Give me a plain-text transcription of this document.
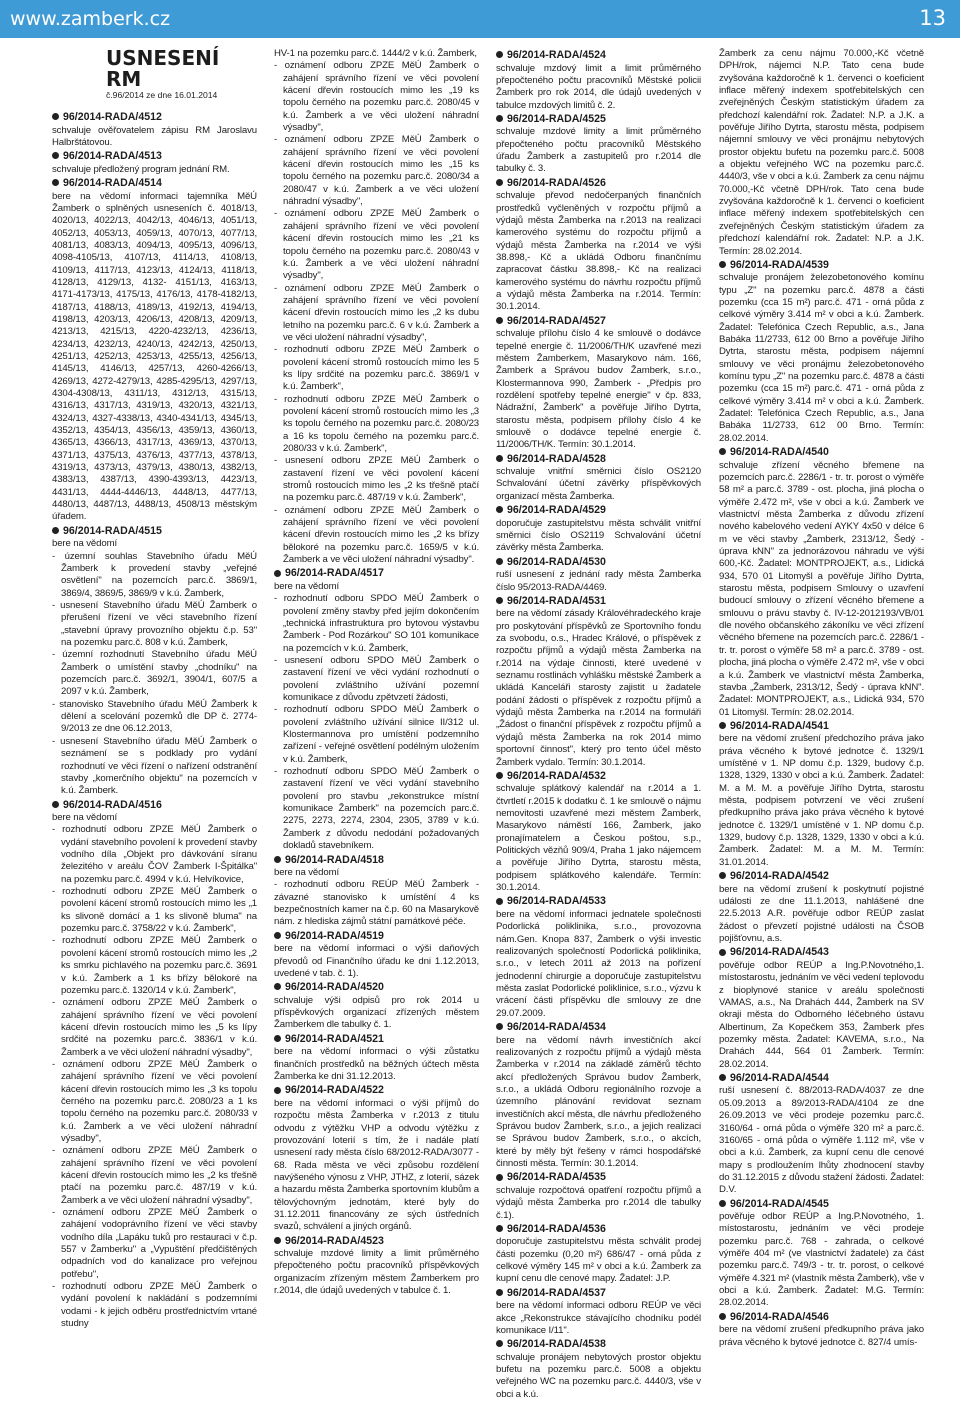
www.zamberk.cz	13
USNESENÍ RM
č.96/2014 ze dne 16.01.2014
96/2014-RADA/4512
schvaluje ověřovatelem zápisu RM Jaroslavu Halbrštátovou.
96/2014-RADA/4513
schvaluje předložený program jednání RM.
96/2014-RADA/4514
bere na vědomí informaci tajemníka MěÚ Žamberk o splněných usneseních č. 4018/13, 4020/13, 4022/13, 4042/13, 4046/13, 4051/13, 4052/13, 4053/13, 4059/13, 4070/13, 4077/13, 4081/13, 4083/13, 4094/13, 4095/13, 4096/13, 4098-4105/13, 4107/13, 4114/13, 4108/13, 4109/13, 4117/13, 4123/13, 4124/13, 4118/13, 4128/13, 4129/13, 4132- 4151/13, 4163/13, 4171-4173/13, 4175/13, 4176/13, 4178-4182/13, 4187/13, 4188/13, 4189/13, 4192/13, 4194/13, 4198/13, 4203/13, 4206/13, 4208/13, 4209/13, 4213/13, 4215/13, 4220-4232/13, 4236/13, 4234/13, 4232/13, 4240/13, 4242/13, 4250/13, 4251/13, 4252/13, 4253/13, 4255/13, 4256/13, 4145/13, 4146/13, 4257/13, 4260-4266/13, 4269/13, 4272-4279/13, 4285-4295/13, 4297/13, 4304-4308/13, 4311/13, 4312/13, 4315/13, 4316/13, 4317/13, 4319/13, 4320/13, 4321/13, 4324/13, 4327-4338/13, 4340-4341/13, 4345/13, 4352/13, 4354/13, 4356/13, 4359/13, 4360/13, 4365/13, 4366/13, 4317/13, 4369/13, 4370/13, 4371/13, 4375/13, 4376/13, 4377/13, 4378/13, 4319/13, 4373/13, 4379/13, 4380/13, 4382/13, 4383/13, 4387/13, 4390-4393/13, 4423/13, 4431/13, 4444-4446/13, 4448/13, 4477/13, 4480/13, 4487/13, 4488/13, 4508/13 městským úřadem.
96/2014-RADA/4515
bere na vědomí
- územní souhlas Stavebního úřadu MěÚ Žamberk k provedení stavby „veřejné osvětlení" na pozemcích parc.č. 3869/1, 3869/4, 3869/5, 3869/9 v k.ú. Žamberk,
- usnesení Stavebního úřadu MěÚ Žamberk o přerušení řízení ve věci stavebního řízení „stavební úpravy provozního objektu č.p. 53" na pozemku parc.č. 808 v k.ú. Žamberk,
- územní rozhodnutí Stavebního úřadu MěÚ Žamberk o umístění stavby „chodníku" na pozemcích parc.č. 3692/1, 3904/1, 607/5 a 2097 v k.ú. Žamberk,
- stanovisko Stavebního úřadu MěÚ Žamberk k dělení a scelování pozemků dle DP č. 2774-9/2013 ze dne 06.12.2013,
- usnesení Stavebního úřadu MěÚ Žamberk o seznámení se s podklady pro vydání rozhodnutí ve věci řízení o nařízení odstranění stavby „komerčního objektu" na pozemcích v k.ú. Žamberk.
96/2014-RADA/4516
bere na vědomí
- rozhodnutí odboru ZPZE MěÚ Žamberk o vydání stavebního povolení k provedení stavby vodního díla „Objekt pro dávkování síranu železitého v areálu ČOV Žamberk I-Špitálka" na pozemku parc.č. 4994 v k.ú. Helvíkovice,
- rozhodnutí odboru ZPZE MěÚ Žamberk o povolení kácení stromů rostoucích mimo les „1 ks slivoně domácí a 1 ks slivoně bluma" na pozemku parc.č. 3758/22 v k.ú. Žamberk",
- rozhodnutí odboru ZPZE MěÚ Žamberk o povolení kácení stromů rostoucích mimo les „2 ks smrku pichlavého na pozemku parc.č. 3691 v k.ú. Žamberk a 1 ks břízy bělokoré na pozemku parc.č. 1320/14 v k.ú. Žamberk",
- oznámení odboru ZPZE MěÚ Žamberk o zahájení správního řízení ve věci povolení kácení dřevin rostoucích mimo les „5 ks lípy srdčité na pozemku parc.č. 3836/1 v k.ú. Žamberk a ve věci uložení náhradní výsadby",
- oznámení odboru ZPZE MěÚ Žamberk o zahájení správního řízení ve věci povolení kácení dřevin rostoucích mimo les „3 ks topolu černého na pozemku parc.č. 2080/23 a 1 ks topolu černého na pozemku parc.č. 2080/33 v k.ú. Žamberk a ve věci uložení náhradní výsadby",
- oznámení odboru ZPZE MěÚ Žamberk o zahájení správního řízení ve věci povolení kácení dřevin rostoucích mimo les „2 ks třešně ptačí na pozemku parc.č. 487/19 v k.ú. Žamberk a ve věci uložení náhradní výsadby",
- oznámení odboru ZPZE MěÚ Žamberk o zahájení vodoprávního řízení ve věci stavby vodního díla „Lapáku tuků pro restauraci v č.p. 557 v Žamberku" a „Vypuštění předčištěných odpadních vod do kanalizace pro veřejnou potřebu",
- rozhodnutí odboru ZPZE MěÚ Žamberk o vydání povolení k nakládání s podzemními vodami - k jejich odběru prostřednictvím vrtané studny
HV-1 na pozemku parc.č. 1444/2 v k.ú. Žamberk,
- oznámení odboru ZPZE MěÚ Žamberk o zahájení správního řízení ve věci povolení kácení dřevin rostoucích mimo les „19 ks topolu černého na pozemku parc.č. 2080/45 v k.ú. Žamberk a ve věci uložení náhradní výsadby",
- oznámení odboru ZPZE MěÚ Žamberk o zahájení správního řízení ve věci povolení kácení dřevin rostoucích mimo les „15 ks topolu černého na pozemku parc.č. 2080/34 a 2080/47 v k.ú. Žamberk a ve věci uložení náhradní výsadby",
- oznámení odboru ZPZE MěÚ Žamberk o zahájení správního řízení ve věci povolení kácení dřevin rostoucích mimo les „21 ks topolu černého na pozemku parc.č. 2080/43 v k.ú. Žamberk a ve věci uložení náhradní výsadby",
- oznámení odboru ZPZE MěÚ Žamberk o zahájení správního řízení ve věci povolení kácení dřevin rostoucích mimo les „2 ks dubu letního na pozemku parc.č. 6 v k.ú. Žamberk a ve věci uložení náhradní výsadby",
- rozhodnutí odboru ZPZE MěÚ Žamberk o povolení kácení stromů rostoucích mimo les 5 ks lípy srdčité na pozemku parc.č. 3869/1 v k.ú. Žamberk",
- rozhodnutí odboru ZPZE MěÚ Žamberk o povolení kácení stromů rostoucích mimo les „3 ks topolu černého na pozemku parc.č. 2080/23 a 16 ks topolu černého na pozemku parc.č. 2080/33 v k.ú. Žamberk",
- usnesení odboru ZPZE MěÚ Žamberk o zastavení řízení ve věci povolení kácení stromů rostoucích mimo les „2 ks třešně ptačí na pozemku parc.č. 487/19 v k.ú. Žamberk",
- oznámení odboru ZPZE MěÚ Žamberk o zahájení správního řízení ve věci povolení kácení dřevin rostoucích mimo les „2 ks břízy bělokoré na pozemku parc.č. 1659/5 v k.ú. Žamberk a ve věci uložení náhradní výsadby".
96/2014-RADA/4517
bere na vědomí
- rozhodnutí odboru SPDO MěÚ Žamberk o povolení změny stavby před jejím dokončením „technická infrastruktura pro bytovou výstavbu Žamberk - Pod Rozárkou" SO 101 komunikace na pozemcích v k.ú. Žamberk,
- usnesení odboru SPDO MěÚ Žamberk o zastavení řízení ve věci vydání rozhodnutí o povolení zvláštního užívání pozemní komunikace z důvodu zpětvzetí žádosti,
- rozhodnutí odboru SPDO MěÚ Žamberk o povolení zvláštního užívání silnice II/312 ul. Klostermannova pro umístění podzemního zařízení - veřejné osvětlení podélným uložením v k.ú. Žamberk,
- rozhodnutí odboru SPDO MěÚ Žamberk o zastavení řízení ve věci vydání stavebního povolení pro stavbu „rekonstrukce místní komunikace Žamberk" na pozemcích parc.č. 2275, 2273, 2274, 2304, 2305, 3789 v k.ú. Žamberk z důvodu nedodání požadovaných dokladů stavebníkem.
96/2014-RADA/4518
bere na vědomí
- rozhodnutí odboru REÚP MěÚ Žamberk - závazné stanovisko k umístění 4 ks bezpečnostních kamer na č.p. 60 na Masarykově nám. z hlediska zájmů státní památkové péče.
96/2014-RADA/4519
bere na vědomí informaci o výši daňových převodů od Finančního úřadu ke dni 1.12.2013, uvedené v tab. č. 1).
96/2014-RADA/4520
schvaluje výši odpisů pro rok 2014 u příspěvkových organizací zřízených městem Žamberkem dle tabulky č. 1.
96/2014-RADA/4521
bere na vědomí informaci o výši zůstatku finančních prostředků na běžných účtech města Žamberka ke dni 31.12.2013.
96/2014-RADA/4522
bere na vědomí informaci o výši příjmů do rozpočtu města Žamberka v r.2013 z titulu odvodu z výtěžku VHP a odvodu výtěžku z provozování loterií s tím, že i nadále platí usnesení rady města číslo 68/2012-RADA/3077 - 68. Rada města ve věci způsobu rozdělení navýšeného výnosu z VHP, JTHZ, z loterií, sázek a hazardu města Žamberka sportovním klubům a tělovýchovným jednotám, které byly do 31.12.2011 financovány ze sých ústředních svazů, schválení a jiných orgánů.
96/2014-RADA/4523
schvaluje mzdové limity a limit průměrného přepočteného počtu pracovníků příspěvkových organizacím zřízeným městem Žamberkem pro r.2014, dle údajů uvedených v tabulce č. 1.
96/2014-RADA/4524
schvaluje mzdový limit a limit průměrného přepočteného počtu pracovníků Městské policii Žamberk pro rok 2014, dle údajů uvedených v tabulce mzdových limitů č. 2.
96/2014-RADA/4525
schvaluje mzdové limity a limit průměrného přepočteného počtu pracovníků Městského úřadu Žamberk a zastupitelů pro r.2014 dle tabulky č. 3.
96/2014-RADA/4526
schvaluje převod nedočerpaných finančních prostředků vyčleněných v rozpočtu příjmů a výdajů města Žamberka na r.2013 na realizaci kamerového systému do rozpočtu příjmů a výdajů města Žamberka na r.2014 ve výši 38.898,- Kč a ukládá Odboru finančnímu zapracovat částku 38.898,- Kč na realizaci kamerového systému do návrhu rozpočtu příjmů a výdajů města Žamberka na r.2014. Termín: 30.1.2014.
96/2014-RADA/4527
schvaluje přílohu číslo 4 ke smlouvě o dodávce tepelné energie č. 11/2006/TH/K uzavřené mezi městem Žamberkem, Masarykovo nám. 166, Žamberk a Správou budov Žamberk, s.r.o., Klostermannova 990, Žamberk - „Předpis pro rozdělení spotřeby tepelné energie" v čp. 833, Nádražní, Žamberk" a pověřuje Jiřího Dytrta, starostu města, podpisem přílohy číslo 4 ke smlouvě o dodávce tepelné energie č. 11/2006/TH/K. Termín: 30.1.2014.
96/2014-RADA/4528
schvaluje vnitřní směrnici číslo OS2120 Schvalování účetní závěrky příspěvkových organizací města Žamberka.
96/2014-RADA/4529
doporučuje zastupitelstvu města schválit vnitřní směrnici číslo OS2119 Schvalování účetní závěrky města Žamberka.
96/2014-RADA/4530
ruší usnesení z jednání rady města Žamberka číslo 95/2013-RADA/4469.
96/2014-RADA/4531
bere na vědomí zásady Královéhradeckého kraje pro poskytování příspěvků ze Sportovního fondu za svobodu, o.s., Hradec Králové, o příspěvek z rozpočtu příjmů a výdajů města Žamberka na r.2014 na výdaje činnosti, které uvedené v seznamu rostlinách vyhlášku městské Žamberk a ukládá Kanceláři starosty zajistit u žadatele podání žádosti o příspěvek z rozpočtu příjmů a výdajů města Žamberka na r.2014 na formuláři „Žádost o finanční příspěvek z rozpočtu příjmů a výdajů města Žamberka na rok 2014 mimo sportovní činnost", který pro tento účel město Žamberk vydalo. Termín: 30.1.2014.
96/2014-RADA/4532
schvaluje splátkový kalendář na r.2014 a 1. čtvrtletí r.2015 k dodatku č. 1 ke smlouvě o nájmu nemovitosti uzavřené mezi městem Žamberk, Masarykovo náměstí 166, Žamberk, jako pronajímatelem a Českou poštou, s.p., Politických vězňů 909/4, Praha 1 jako nájemcem a pověřuje Jiřího Dytrta, starostu města, podpisem splátkového kalendáře. Termín: 30.1.2014.
96/2014-RADA/4533
bere na vědomí informaci jednatele společnosti Podorlická poliklinika, s.r.o., provozovna nám.Gen. Knopa 837, Žamberk o výši investic realizovaných společností Podorlická poliklinika, s.r.o., v letech 2011 až 2013 na pořízení jednodenní chirurgie a doporučuje zastupitelstvu města zaslat Podorlické poliklinice, s.r.o., výzvu k vrácení části příspěvku dle smlouvy ze dne 29.07.2009.
96/2014-RADA/4534
bere na vědomí návrh investičních akcí realizovaných z rozpočtu příjmů a výdajů města Žamberka v r.2014 na základě záměrů těchto akcí předložených Správou budov Žamberk, s.r.o., a ukládá Odboru regionálního rozvoje a územního plánování revidovat seznam investičních akcí města, dle návrhu předloženého Správou budov Žamberk, s.r.o., a jejich realizaci se Správou budov Žamberk, s.r.o., o akcích, které by měly být řešeny v rámci hospodářské činnosti města. Termín: 30.1.2014.
96/2014-RADA/4535
schvaluje rozpočtová opatření rozpočtu příjmů a výdajů města Žamberka pro r.2014 dle tabulky č.1).
96/2014-RADA/4536
doporučuje zastupitelstvu města schválit prodej části pozemku (0,20 m²) 686/47 - orná půda z celkové výměry 145 m² v obci a k.ú. Žamberk za kupní cenu dle cenové mapy. Žadatel: J.P.
96/2014-RADA/4537
bere na vědomí informaci odboru REÚP ve věci akce „Rekonstrukce stávajícího chodníku podél komunikace I/11".
96/2014-RADA/4538
schvaluje pronájem nebytových prostor objektu bufetu na pozemku parc.č. 5008 a objektu veřejného WC na pozemku parc.č. 4440/3, vše v obci a k.ú.
Žamberk za cenu nájmu 70.000,-Kč včetně DPH/rok, nájemci N.P. Tato cena bude zvyšována každoročně k 1. červenci o koeficient inflace měřený indexem spotřebitelských cen zveřejněných Českým statistickým úřadem za předchozí kalendářní rok. Žadatel: N.P. a J.K. a pověřuje Jiřího Dytrta, starostu města, podpisem nájemní smlouvy ve věci pronájmu nebytových prostor objektu bufetu na pozemku parc.č. 5008 a objektu veřejného WC na pozemku parc.č. 4440/3, vše v obci a k.ú. Žamberk za cenu nájmu 70.000,-Kč včetně DPH/rok. Tato cena bude zvyšována každoročně k 1. červenci o koeficient inflace měřený indexem spotřebitelských cen zveřejněných Českým statistickým úřadem za předchozí kalendářní rok. Žadatel: N.P. a J.K. Termín: 28.02.2014.
96/2014-RADA/4539
schvaluje pronájem železobetonového komínu typu „Z" na pozemku parc.č. 4878 a části pozemku (cca 15 m²) parc.č. 471 - orná půda z celkové výměry 3.414 m² v obci a k.ú. Žamberk. Žadatel: Telefónica Czech Republic, a.s., Jana Babáka 11/2733, 612 00 Brno a pověřuje Jiřího Dytrta, starostu města, podpisem nájemní smlouvy ve věci pronájmu železobetonového komínu typu „Z" na pozemku parc.č. 4878 a části pozemku (cca 15 m²) parc.č. 471 - orná půda z celkové výměry 3.414 m² v obci a k.ú. Žamberk. Žadatel: Telefónica Czech Republic, a.s., Jana Babáka 11/2733, 612 00 Brno. Termín: 28.02.2014.
96/2014-RADA/4540
schvaluje zřízení věcného břemene na pozemcích parc.č. 2286/1 - tr. tr. porost o výměře 58 m² a parc.č. 3789 - ost. plocha, jiná plocha o výměře 2.472 m², vše v obci a k.ú. Žamberk ve vlastnictví města Žamberka z důvodu zřízení nového kabelového vedení AYKY 4x50 v délce 6 m ve věci stavby „Žamberk, 2313/12, Šedý - úprava kNN" za jednorázovou náhradu ve výši 600,-Kč. Žadatel: MONTPROJEKT, a.s., Lidická 934, 570 01 Litomyšl a pověřuje Jiřího Dytrta, starostu města, podpisem Smlouvy o uzavření budoucí smlouvy o zřízení věcného břemene a smlouvu o právu stavby č. IV-12-2012193/VB/01 dle nového občanského zákoníku ve věci zřízení věcného břemene na pozemcích parc.č. 2286/1 - tr. tr. porost o výměře 58 m² a parc.č. 3789 - ost. plocha, jiná plocha o výměře 2.472 m², vše v obci a k.ú. Žamberk ve vlastnictví města Žamberka, stavba „Žamberk, 2313/12, Šedý - úprava kNN". Žadatel: MONTPROJEKT, a.s., Lidická 934, 570 01 Litomyšl. Termín: 28.02.2014.
96/2014-RADA/4541
bere na vědomí zrušení předchozího práva jako práva věcného k bytové jednotce č. 1329/1 umístěné v 1. NP domu č.p. 1329, budovy č.p. 1328, 1329, 1330 v obci a k.ú. Žamberk. Žadatel: M. a M. M. a pověřuje Jiřího Dytrta, starostu města, podpisem potvrzení ve věci zrušení předkupního práva jako práva věcného k bytové jednotce č. 1329/1 umístěné v 1. NP domu č.p. 1329, budovy č.p. 1328, 1329, 1330 v obci a k.ú. Žamberk. Žadatel: M. a M. M. Termín: 31.01.2014.
96/2014-RADA/4542
bere na vědomí zrušení k poskytnutí pojistné události ze dne 11.1.2013, nahlášené dne 22.5.2013 A.R. pověřuje odbor REÚP zaslat žádost o převzetí pojistné události na ČSOB pojišťovnu, a.s.
96/2014-RADA/4543
pověřuje odbor REÚP a Ing.P.Novotného,1. místostarostu, jednáním ve věci vedení teplovodu z bioplynové stanice v areálu společnosti VAMAS, a.s., Na Drahách 444, Žamberk na SV okraji města do Odborného léčebného ústavu Albertinum, Za Kopečkem 353, Žamberk přes pozemky města. Žadatel: KAVEMA, s.r.o., Na Drahách 444, 564 01 Žamberk. Termín: 28.02.2014.
96/2014-RADA/4544
ruší usnesení č. 88/2013-RADA/4037 ze dne 05.09.2013 a 89/2013-RADA/4104 ze dne 26.09.2013 ve věci prodeje pozemku parc.č. 3160/64 - orná půda o výměře 320 m² a parc.č. 3160/65 - orná půda o výměře 1.112 m², vše v obci a k.ú. Žamberk, za kupní cenu dle cenové mapy s prodloužením lhůty zhodnocení stavby do 31.12.2015 z důvodu stažení žádosti. Žadatel: D.V.
96/2014-RADA/4545
pověřuje odbor REÚP a Ing.P.Novotného, 1. místostarostu, jednáním ve věci prodeje pozemku parc.č. 768 - zahrada, o celkové výměře 404 m² (ve vlastnictví žadatele) za část pozemku parc.č. 749/3 - tr. tr. porost, o celkové výměře 4.321 m² (vlastník města Žamberk), vše v obci a k.ú. Žamberk. Žadatel: M.G. Termín: 28.02.2014.
96/2014-RADA/4546
bere na vědomí zrušení předkupního práva jako práva věcného k bytové jednotce č. 827/4 umís-
